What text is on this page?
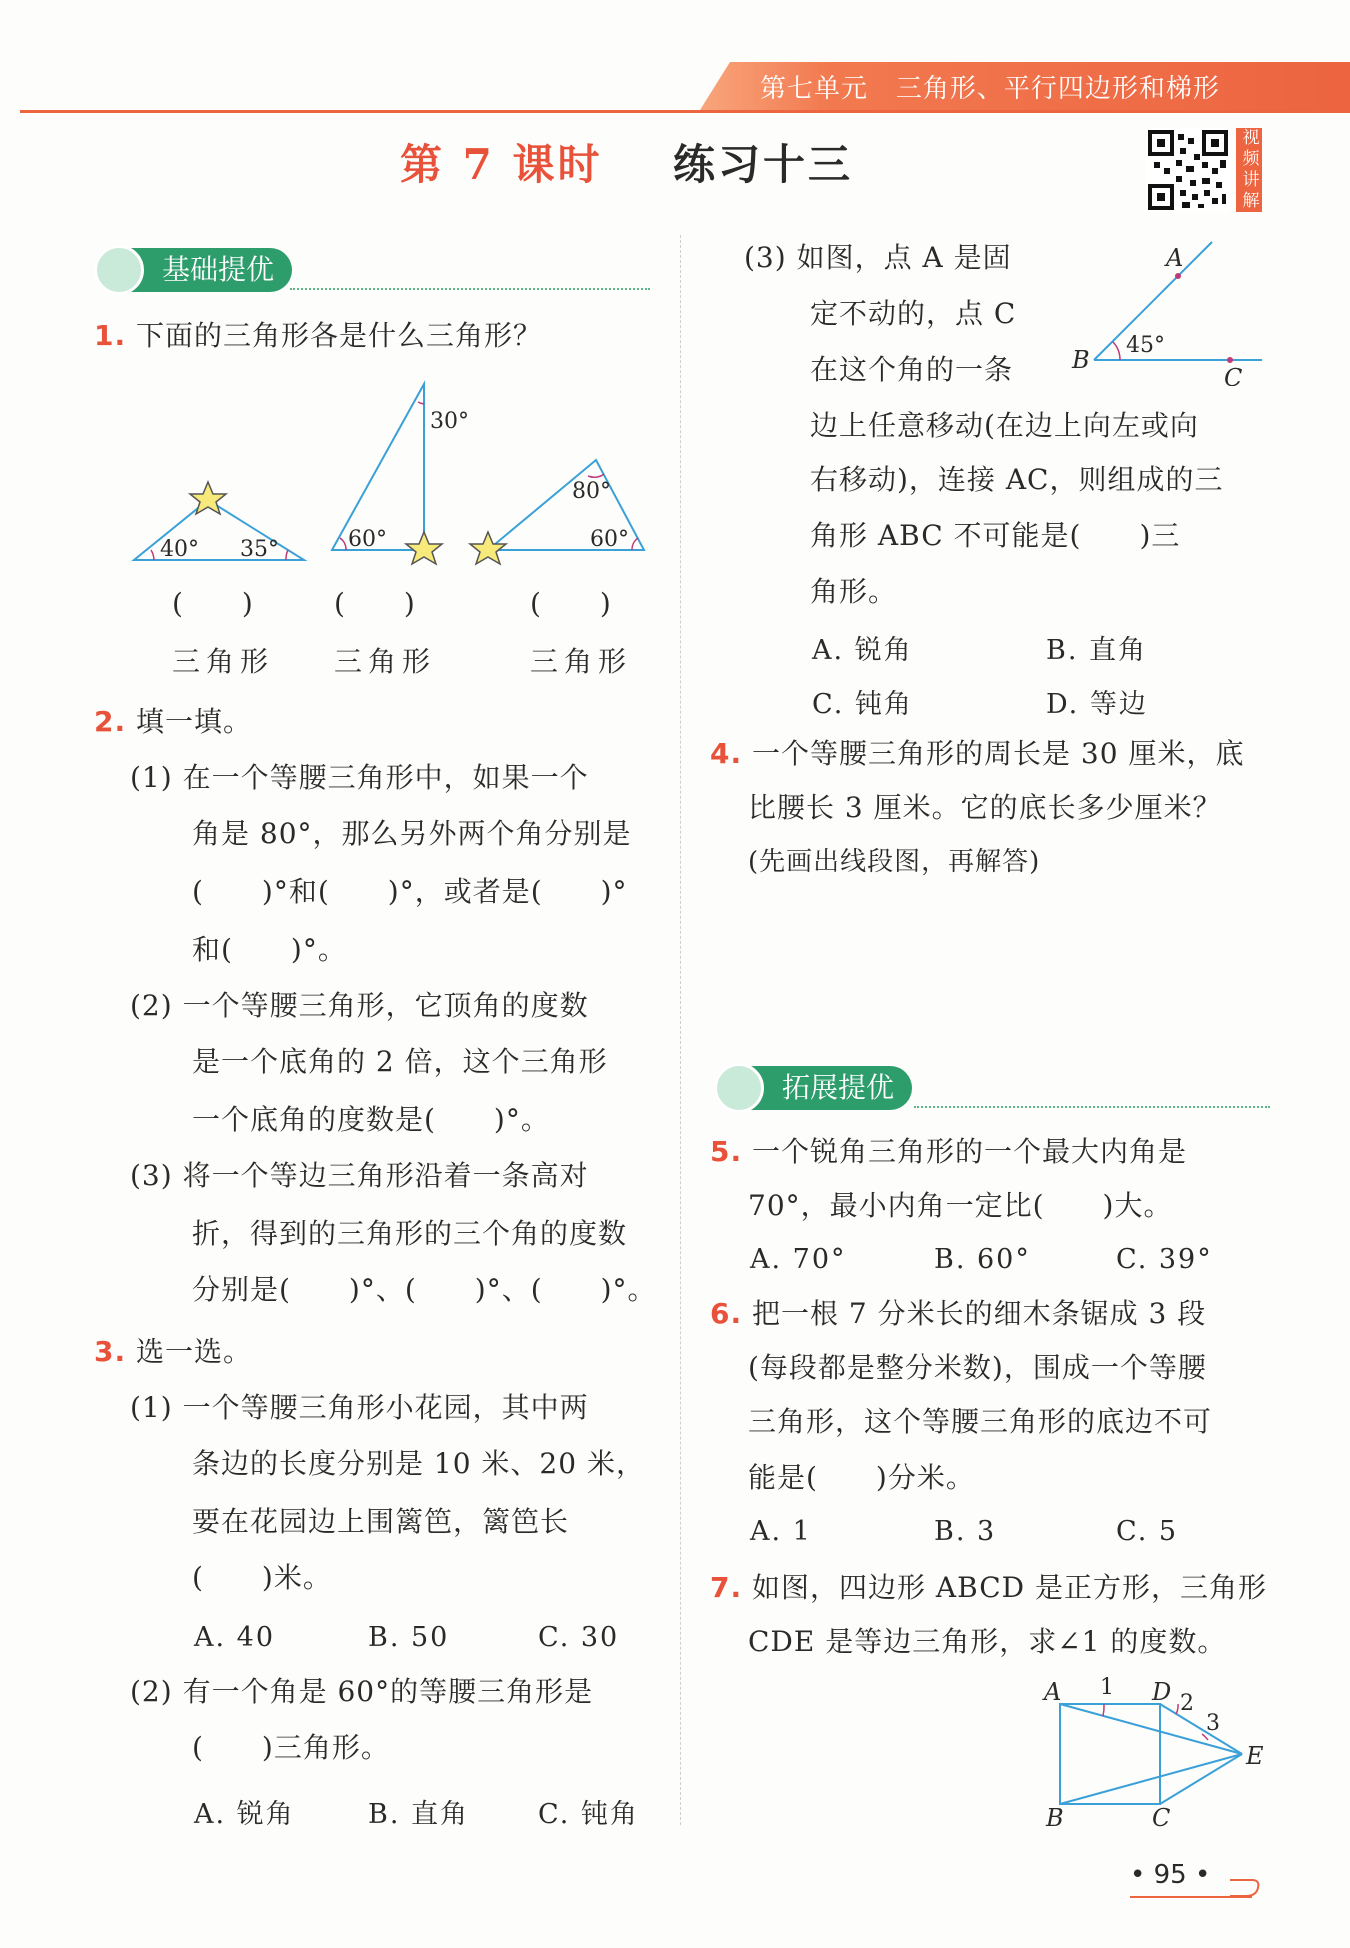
第七单元 三角形、平行四边形和梯形
第 7 课时 练习十三
视
频
讲
解
基础提优
1. 下面的三角形各是什么三角形？
40° 35°
30°
60°
80°
60°
(　　)	(　　)	(　　)
三角形 三角形	三角形
2. 填一填。
(1) 在一个等腰三角形中，如果一个
角是 80°，那么另外两个角分别是
(　　)°和(　　)°，或者是(　　)°
和(　　)°。
(2) 一个等腰三角形，它顶角的度数
是一个底角的 2 倍，这个三角形
一个底角的度数是(　　)°。
(3) 将一个等边三角形沿着一条高对
折，得到的三角形的三个角的度数
分别是(　　)°、(　　)°、(　　)°。
3. 选一选。
(1) 一个等腰三角形小花园，其中两
条边的长度分别是 10 米、20 米，
要在花园边上围篱笆，篱笆长
(　　)米。
A. 40	B. 50	C. 30
(2) 有一个角是 60°的等腰三角形是
(　　)三角形。
A. 锐角	B. 直角	C. 钝角
(3) 如图，点 A 是固
定不动的，点 C
在这个角的一条
边上任意移动(在边上向左或向
右移动)，连接 AC，则组成的三
角形 ABC 不可能是(　　)三
角形。
A
B
C
45°
A. 锐角	B. 直角
C. 钝角	D. 等边
4. 一个等腰三角形的周长是 30 厘米，底
比腰长 3 厘米。它的底长多少厘米？
(先画出线段图，再解答)
拓展提优
5. 一个锐角三角形的一个最大内角是
70°，最小内角一定比(　　)大。
A. 70°	B. 60°	C. 39°
6. 把一根 7 分米长的细木条锯成 3 段
(每段都是整分米数)，围成一个等腰
三角形，这个等腰三角形的底边不可
能是(　　)分米。
A. 1	B. 3	C. 5
7. 如图，四边形 ABCD 是正方形，三角形
CDE 是等边三角形，求∠1 的度数。
A	D
B	C
E
1
2
3
• 95 •
